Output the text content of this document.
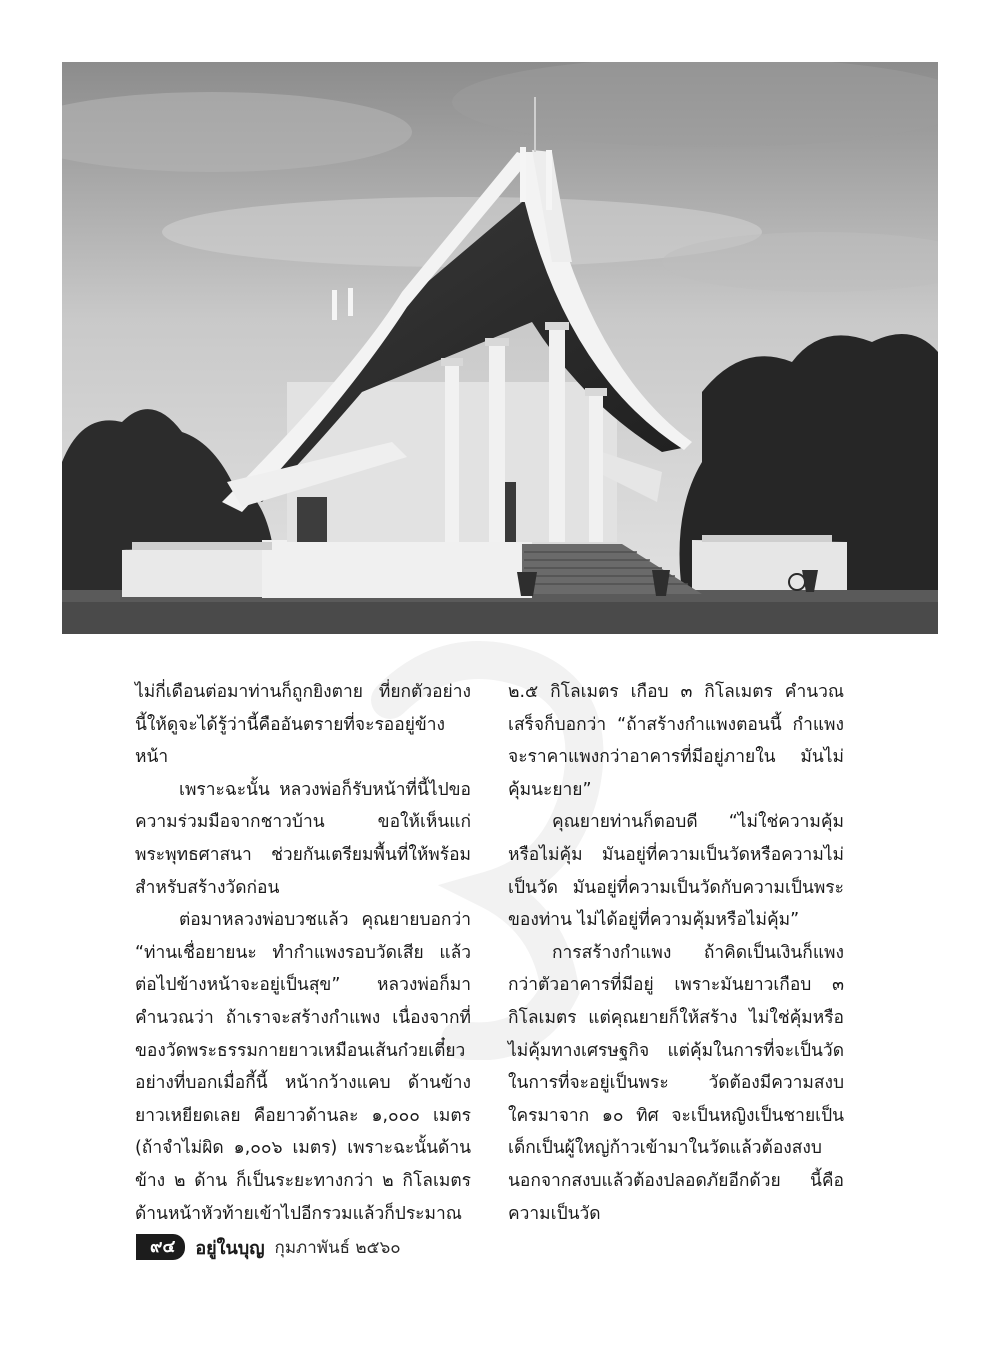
ไม่กี่เดือนต่อมาท่านก็ถูกยิงตาย ที่ยกตัวอย่างนี้ให้ดูจะได้รู้ว่านี้คืออันตรายที่จะรออยู่ข้างหน้า

เพราะฉะนั้น หลวงพ่อก็รับหน้าที่นี้ไปขอความร่วมมือจากชาวบ้าน ขอให้เห็นแก่พระพุทธศาสนา ช่วยกันเตรียมพื้นที่ให้พร้อมสำหรับสร้างวัดก่อน

ต่อมาหลวงพ่อบวชแล้ว คุณยายบอกว่า “ท่านเชื่อยายนะ ทำกำแพงรอบวัดเสีย แล้วต่อไปข้างหน้าจะอยู่เป็นสุข” หลวงพ่อก็มาคำนวณว่า ถ้าเราจะสร้างกำแพง เนื่องจากที่ของวัดพระธรรมกายยาวเหมือนเส้นก๋วยเตี๋ยว อย่างที่บอกเมื่อกี้นี้ หน้ากว้างแคบ ด้านข้างยาวเหยียดเลย คือยาวด้านละ ๑,๐๐๐ เมตร (ถ้าจำไม่ผิด ๑,๐๐๖ เมตร) เพราะฉะนั้นด้านข้าง ๒ ด้าน ก็เป็นระยะทางกว่า ๒ กิโลเมตร ด้านหน้าหัวท้ายเข้าไปอีกรวมแล้วก็ประมาณ

๒.๕ กิโลเมตร เกือบ ๓ กิโลเมตร คำนวณเสร็จก็บอกว่า “ถ้าสร้างกำแพงตอนนี้ กำแพงจะราคาแพงกว่าอาคารที่มีอยู่ภายใน มันไม่คุ้มนะยาย”

คุณยายท่านก็ตอบดี “ไม่ใช่ความคุ้มหรือไม่คุ้ม มันอยู่ที่ความเป็นวัดหรือความไม่เป็นวัด มันอยู่ที่ความเป็นวัดกับความเป็นพระของท่าน ไม่ได้อยู่ที่ความคุ้มหรือไม่คุ้ม”

การสร้างกำแพง ถ้าคิดเป็นเงินก็แพงกว่าตัวอาคารที่มีอยู่ เพราะมันยาวเกือบ ๓ กิโลเมตร แต่คุณยายก็ให้สร้าง ไม่ใช่คุ้มหรือไม่คุ้มทางเศรษฐกิจ แต่คุ้มในการที่จะเป็นวัด ในการที่จะอยู่เป็นพระ วัดต้องมีความสงบ ใครมาจาก ๑๐ ทิศ จะเป็นหญิงเป็นชายเป็นเด็กเป็นผู้ใหญ่ก้าวเข้ามาในวัดแล้วต้องสงบ นอกจากสงบแล้วต้องปลอดภัยอีกด้วย นี้คือความเป็นวัด

๙๔	อยู่ในบุญ กุมภาพันธ์ ๒๕๖๐
